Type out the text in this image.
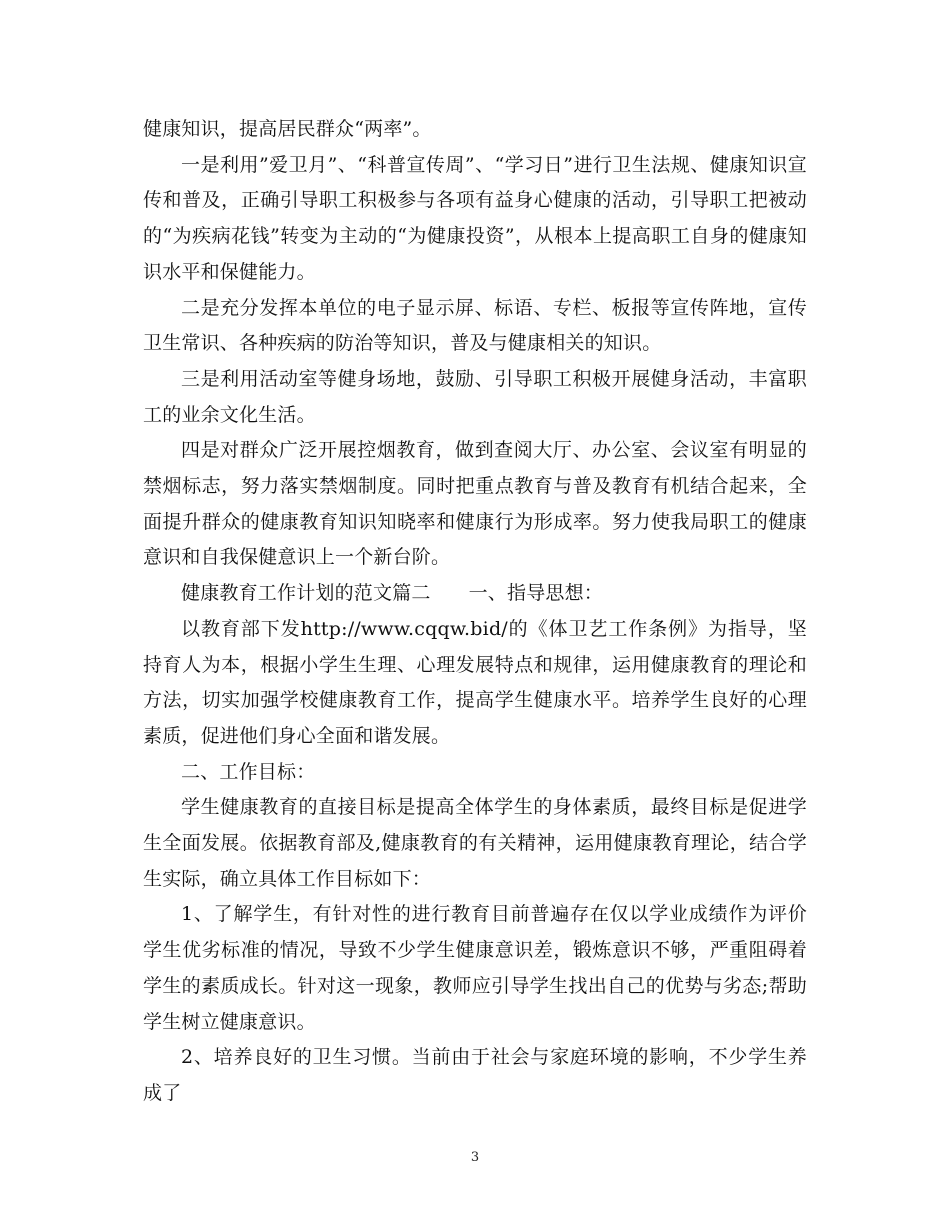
健康知识，提高居民群众“两率”。

一是利用”爱卫月”、“科普宣传周”、“学习日”进行卫生法规、健康知识宣传和普及，正确引导职工积极参与各项有益身心健康的活动，引导职工把被动的“为疾病花钱”转变为主动的“为健康投资”，从根本上提高职工自身的健康知识水平和保健能力。

二是充分发挥本单位的电子显示屏、标语、专栏、板报等宣传阵地，宣传卫生常识、各种疾病的防治等知识，普及与健康相关的知识。

三是利用活动室等健身场地，鼓励、引导职工积极开展健身活动，丰富职工的业余文化生活。

四是对群众广泛开展控烟教育，做到查阅大厅、办公室、会议室有明显的禁烟标志，努力落实禁烟制度。同时把重点教育与普及教育有机结合起来，全面提升群众的健康教育知识知晓率和健康行为形成率。努力使我局职工的健康意识和自我保健意识上一个新台阶。

健康教育工作计划的范文篇二 一、指导思想：

以教育部下发http://www.cqqw.bid/的《体卫艺工作条例》为指导，坚持育人为本，根据小学生生理、心理发展特点和规律，运用健康教育的理论和方法，切实加强学校健康教育工作，提高学生健康水平。培养学生良好的心理素质，促进他们身心全面和谐发展。

二、工作目标：

学生健康教育的直接目标是提高全体学生的身体素质，最终目标是促进学生全面发展。依据教育部及,健康教育的有关精神，运用健康教育理论，结合学生实际，确立具体工作目标如下：

1、了解学生，有针对性的进行教育目前普遍存在仅以学业成绩作为评价学生优劣标准的情况，导致不少学生健康意识差，锻炼意识不够，严重阻碍着学生的素质成长。针对这一现象，教师应引导学生找出自己的优势与劣态;帮助学生树立健康意识。

2、培养良好的卫生习惯。当前由于社会与家庭环境的影响，不少学生养成了

3
